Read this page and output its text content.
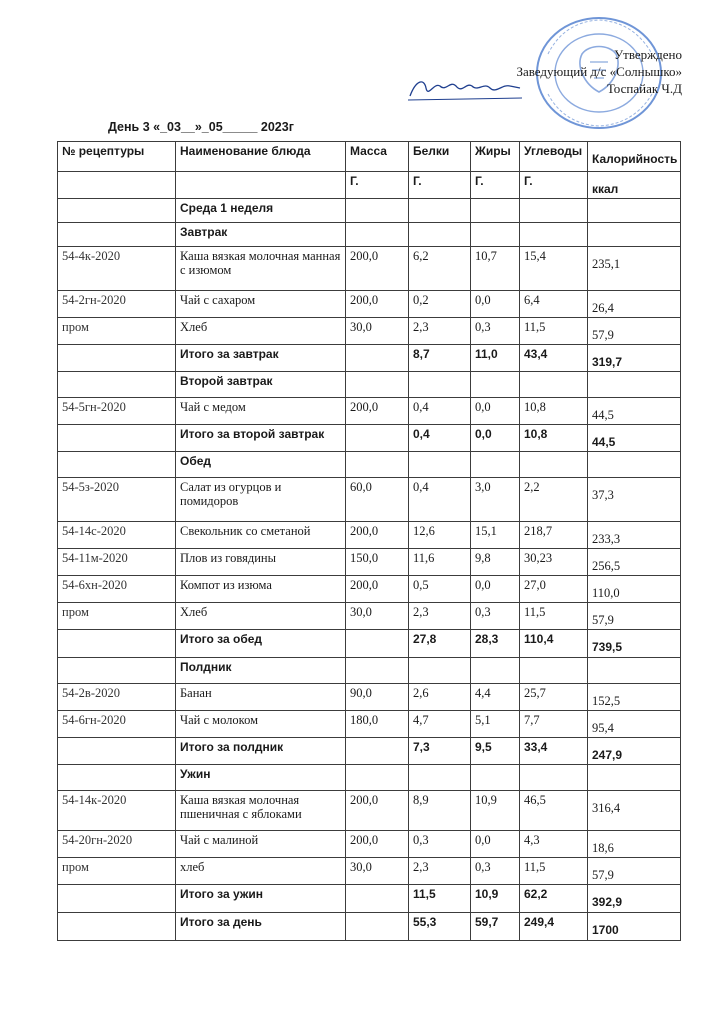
Утверждено
Заведующий д/с «Солнышко»
Тоспайак Ч.Д
День 3 «_03__»_05_____ 2023г
№ рецептуры	Наименование блюда	Масса	Белки	Жиры	Углеводы	Калорийность
		Г.	Г.	Г.	Г.	ккал
	Среда 1 неделя					
	Завтрак					
54-4к-2020	Каша вязкая молочная манная с изюмом	200,0	6,2	10,7	15,4	235,1
54-2гн-2020	Чай с сахаром	200,0	0,2	0,0	6,4	26,4
пром	Хлеб	30,0	2,3	0,3	11,5	57,9
	Итого за завтрак		8,7	11,0	43,4	319,7
	Второй завтрак					
54-5гн-2020	Чай с медом	200,0	0,4	0,0	10,8	44,5
	Итого за второй завтрак		0,4	0,0	10,8	44,5
	Обед					
54-5з-2020	Салат из огурцов и помидоров	60,0	0,4	3,0	2,2	37,3
54-14с-2020	Свекольник со сметаной	200,0	12,6	15,1	218,7	233,3
54-11м-2020	Плов из говядины	150,0	11,6	9,8	30,23	256,5
54-6хн-2020	Компот из изюма	200,0	0,5	0,0	27,0	110,0
пром	Хлеб	30,0	2,3	0,3	11,5	57,9
	Итого за обед		27,8	28,3	110,4	739,5
	Полдник					
54-2в-2020	Банан	90,0	2,6	4,4	25,7	152,5
54-6гн-2020	Чай с молоком	180,0	4,7	5,1	7,7	95,4
	Итого за полдник		7,3	9,5	33,4	247,9
	Ужин					
54-14к-2020	Каша вязкая молочная пшеничная с яблоками	200,0	8,9	10,9	46,5	316,4
54-20гн-2020	Чай с малиной	200,0	0,3	0,0	4,3	18,6
пром	хлеб	30,0	2,3	0,3	11,5	57,9
	Итого за ужин		11,5	10,9	62,2	392,9
	Итого за день		55,3	59,7	249,4	1700
